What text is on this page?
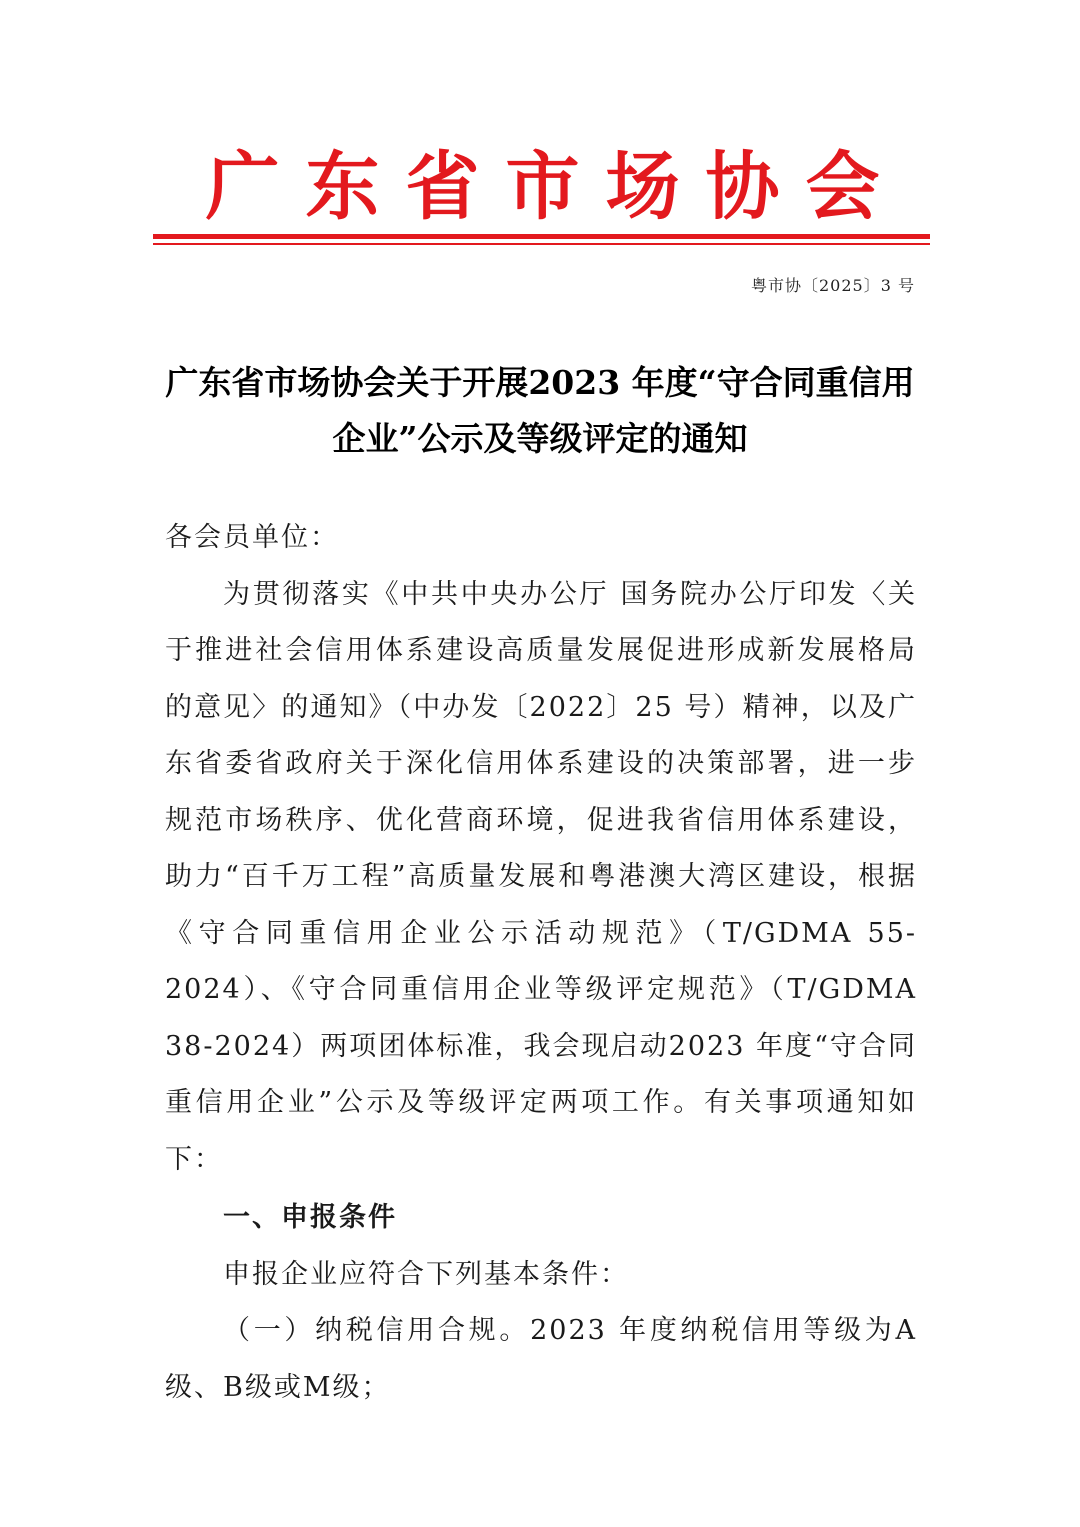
广东省市场协会
粤市协〔2025〕3 号
广东省市场协会关于开展2023 年度“守合同重信用
企业”公示及等级评定的通知

各会员单位：

为贯彻落实《中共中央办公厅 国务院办公厅印发〈关于推进社会信用体系建设高质量发展促进形成新发展格局的意见〉的通知》（中办发〔2022〕25 号）精神，以及广东省委省政府关于深化信用体系建设的决策部署，进一步规范市场秩序、优化营商环境，促进我省信用体系建设，助力“百千万工程”高质量发展和粤港澳大湾区建设，根据《守合同重信用企业公示活动规范》（T/GDMA 55-2024）、《守合同重信用企业等级评定规范》（T/GDMA 38-2024）两项团体标准，我会现启动2023 年度“守合同重信用企业”公示及等级评定两项工作。有关事项通知如下：

一、申报条件

申报企业应符合下列基本条件：

（一）纳税信用合规。2023 年度纳税信用等级为A级、B级或M级；
